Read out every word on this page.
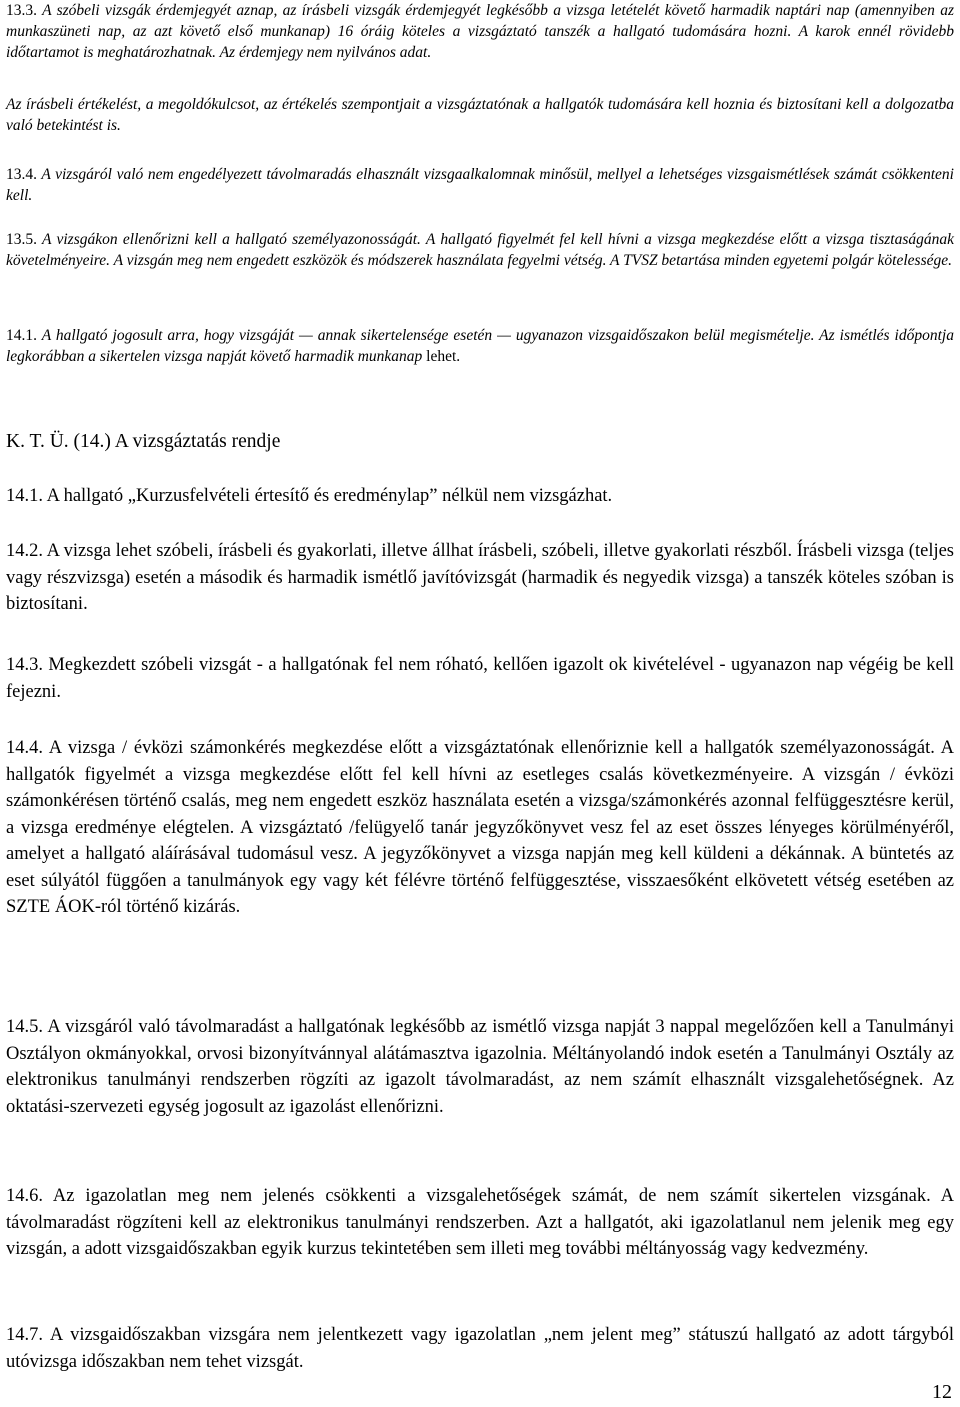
13.3. A szóbeli vizsgák érdemjegyét aznap, az írásbeli vizsgák érdemjegyét legkésőbb a vizsga letételét követő harmadik naptári nap (amennyiben az munkaszüneti nap, az azt követő első munkanap) 16 óráig köteles a vizsgáztató tanszék a hallgató tudomására hozni. A karok ennél rövidebb időtartamot is meghatározhatnak. Az érdemjegy nem nyilvános adat.

Az írásbeli értékelést, a megoldókulcsot, az értékelés szempontjait a vizsgáztatónak a hallgatók tudomására kell hoznia és biztosítani kell a dolgozatba való betekintést is.

13.4. A vizsgáról való nem engedélyezett távolmaradás elhasznált vizsgaalkalomnak minősül, mellyel a lehetséges vizsgaismétlések számát csökkenteni kell.

13.5. A vizsgákon ellenőrizni kell a hallgató személyazonosságát. A hallgató figyelmét fel kell hívni a vizsga megkezdése előtt a vizsga tisztaságának követelményeire. A vizsgán meg nem engedett eszközök és módszerek használata fegyelmi vétség. A TVSZ betartása minden egyetemi polgár kötelessége.

14.1. A hallgató jogosult arra, hogy vizsgáját — annak sikertelensége esetén — ugyanazon vizsgaidőszakon belül megismételje. Az ismétlés időpontja legkorábban a sikertelen vizsga napját követő harmadik munkanap lehet.

K. T. Ü. (14.) A vizsgáztatás rendje

14.1. A hallgató „Kurzusfelvételi értesítő és eredménylap” nélkül nem vizsgázhat.

14.2. A vizsga lehet szóbeli, írásbeli és gyakorlati, illetve állhat írásbeli, szóbeli, illetve gyakorlati részből. Írásbeli vizsga (teljes vagy részvizsga) esetén a második és harmadik ismétlő javítóvizsgát (harmadik és negyedik vizsga) a tanszék köteles szóban is biztosítani.

14.3. Megkezdett szóbeli vizsgát - a hallgatónak fel nem róható, kellően igazolt ok kivételével - ugyanazon nap végéig be kell fejezni.

14.4. A vizsga / évközi számonkérés megkezdése előtt a vizsgáztatónak ellenőriznie kell a hallgatók személyazonosságát. A hallgatók figyelmét a vizsga megkezdése előtt fel kell hívni az esetleges csalás következményeire. A vizsgán / évközi számonkérésen történő csalás, meg nem engedett eszköz használata esetén a vizsga/számonkérés azonnal felfüggesztésre kerül, a vizsga eredménye elégtelen. A vizsgáztató /felügyelő tanár jegyzőkönyvet vesz fel az eset összes lényeges körülményéről, amelyet a hallgató aláírásával tudomásul vesz. A jegyzőkönyvet a vizsga napján meg kell küldeni a dékánnak. A büntetés az eset súlyától függően a tanulmányok egy vagy két félévre történő felfüggesztése, visszaesőként elkövetett vétség esetében az SZTE ÁOK-ról történő kizárás.

14.5. A vizsgáról való távolmaradást a hallgatónak legkésőbb az ismétlő vizsga napját 3 nappal megelőzően kell a Tanulmányi Osztályon okmányokkal, orvosi bizonyítvánnyal alátámasztva igazolnia. Méltányolandó indok esetén a Tanulmányi Osztály az elektronikus tanulmányi rendszerben rögzíti az igazolt távolmaradást, az nem számít elhasznált vizsgalehetőségnek. Az oktatási-szervezeti egység jogosult az igazolást ellenőrizni.

14.6. Az igazolatlan meg nem jelenés csökkenti a vizsgalehetőségek számát, de nem számít sikertelen vizsgának. A távolmaradást rögzíteni kell az elektronikus tanulmányi rendszerben. Azt a hallgatót, aki igazolatlanul nem jelenik meg egy vizsgán, a adott vizsgaidőszakban egyik kurzus tekintetében sem illeti meg további méltányosság vagy kedvezmény.

14.7. A vizsgaidőszakban vizsgára nem jelentkezett vagy igazolatlan „nem jelent meg” státuszú hallgató az adott tárgyból utóvizsga időszakban nem tehet vizsgát.

12
